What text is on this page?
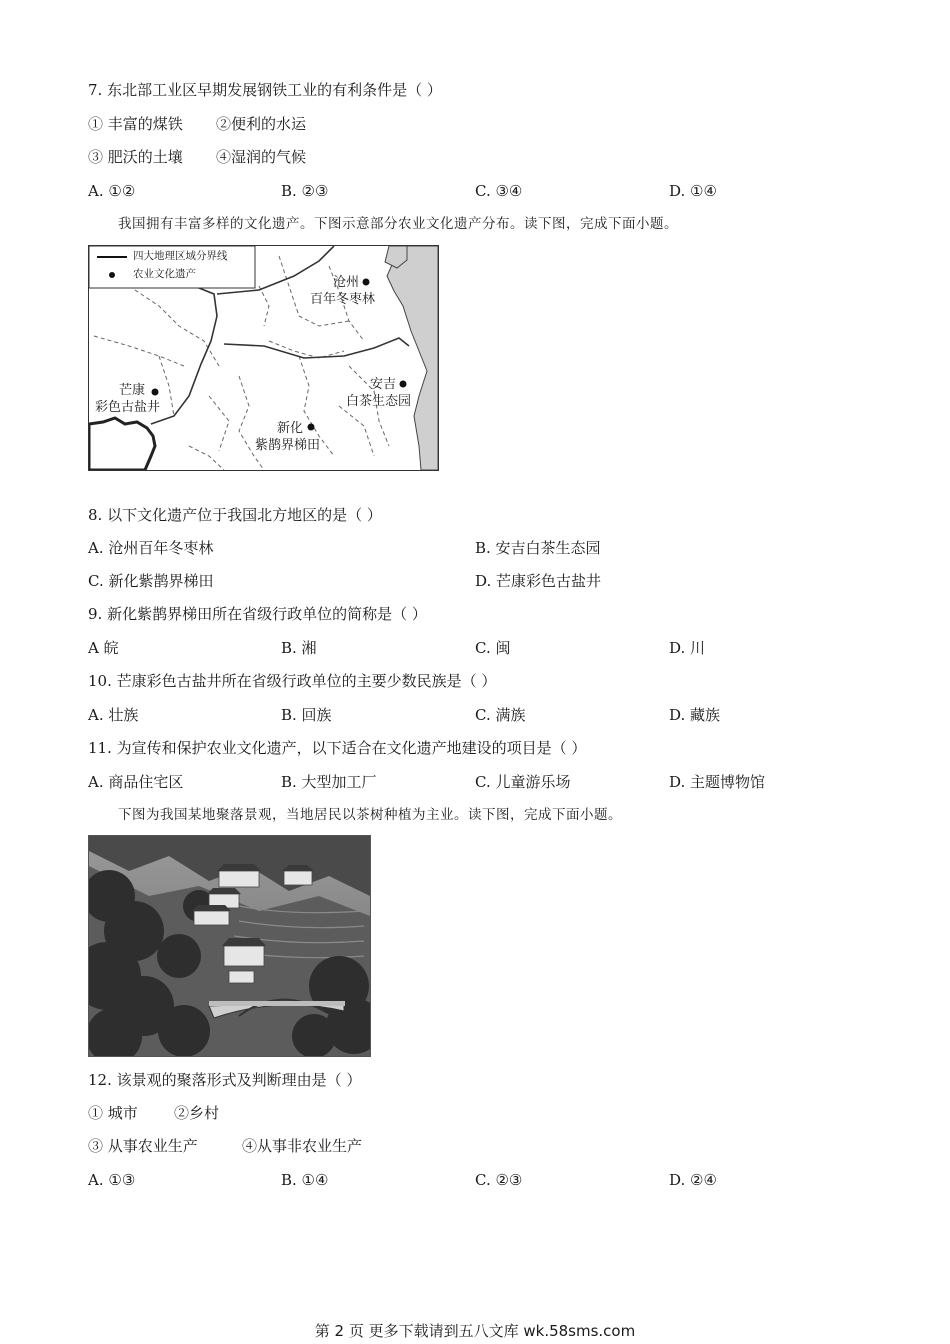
7. 东北部工业区早期发展钢铁工业的有利条件是（ ）
① 丰富的煤铁 ②便利的水运
③ 肥沃的土壤 ④湿润的气候
A. ①②	B. ②③	C. ③④	D. ①④
我国拥有丰富多样的文化遗产。下图示意部分农业文化遗产分布。读下图，完成下面小题。
四大地理区域分界线
农业文化遗产
沧州
百年冬枣林
安吉
白茶生态园
芒康
彩色古盐井
新化
紫鹊界梯田
8. 以下文化遗产位于我国北方地区的是（ ）
A. 沧州百年冬枣林	B. 安吉白茶生态园
C. 新化紫鹊界梯田	D. 芒康彩色古盐井
9. 新化紫鹊界梯田所在省级行政单位的简称是（ ）
A 皖	B. 湘	C. 闽	D. 川
10. 芒康彩色古盐井所在省级行政单位的主要少数民族是（ ）
A. 壮族	B. 回族	C. 满族	D. 藏族
11. 为宣传和保护农业文化遗产，以下适合在文化遗产地建设的项目是（ ）
A. 商品住宅区	B. 大型加工厂	C. 儿童游乐场	D. 主题博物馆
下图为我国某地聚落景观，当地居民以茶树种植为主业。读下图，完成下面小题。
12. 该景观的聚落形式及判断理由是（ ）
① 城市 ②乡村
③ 从事农业生产	④从事非农业生产
A. ①③	B. ①④	C. ②③	D. ②④
第 2 页 更多下载请到五八文库 wk.58sms.com
